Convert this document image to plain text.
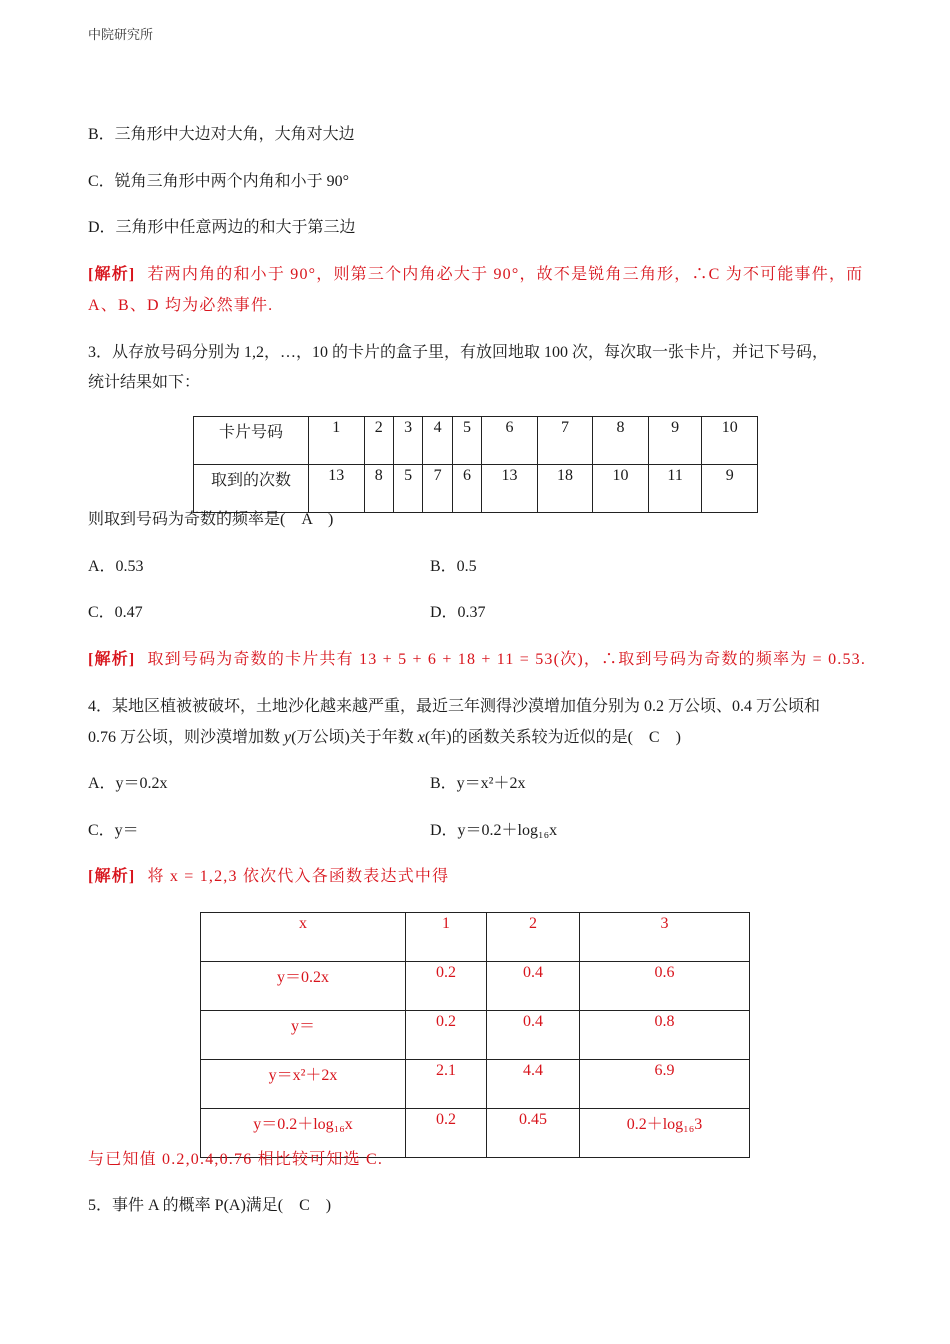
中院研究所
B．三角形中大边对大角，大角对大边
C．锐角三角形中两个内角和小于 90°
D．三角形中任意两边的和大于第三边
[解析] 若两内角的和小于 90°，则第三个内角必大于 90°，故不是锐角三角形，∴C 为不可能事件，而
A、B、D 均为必然事件.
3．从存放号码分别为 1,2，…，10 的卡片的盒子里，有放回地取 100 次，每次取一张卡片，并记下号码，
统计结果如下：
卡片号码	1	2	3	4	5	6	7	8	9	10
取到的次数	13	8	5	7	6	13	18	10	11	9
则取到号码为奇数的频率是(　A　)
A．0.53	B．0.5
C．0.47	D．0.37
[解析] 取到号码为奇数的卡片共有 13 + 5 + 6 + 18 + 11 = 53(次)，∴取到号码为奇数的频率为 = 0.53.
4．某地区植被被破坏，土地沙化越来越严重，最近三年测得沙漠增加值分别为 0.2 万公顷、0.4 万公顷和
0.76 万公顷，则沙漠增加数 y(万公顷)关于年数 x(年)的函数关系较为近似的是(　C　)
A．y＝0.2x	B．y＝x²＋2x
C．y＝	D．y＝0.2＋log₁₆x
[解析] 将 x = 1,2,3 依次代入各函数表达式中得
x	1	2	3
y＝0.2x	0.2	0.4	0.6
y＝	0.2	0.4	0.8
y＝x²＋2x	2.1	4.4	6.9
y＝0.2＋log₁₆x	0.2	0.45	0.2＋log₁₆3
与已知值 0.2,0.4,0.76 相比较可知选 C.
5．事件 A 的概率 P(A)满足(　C　)
